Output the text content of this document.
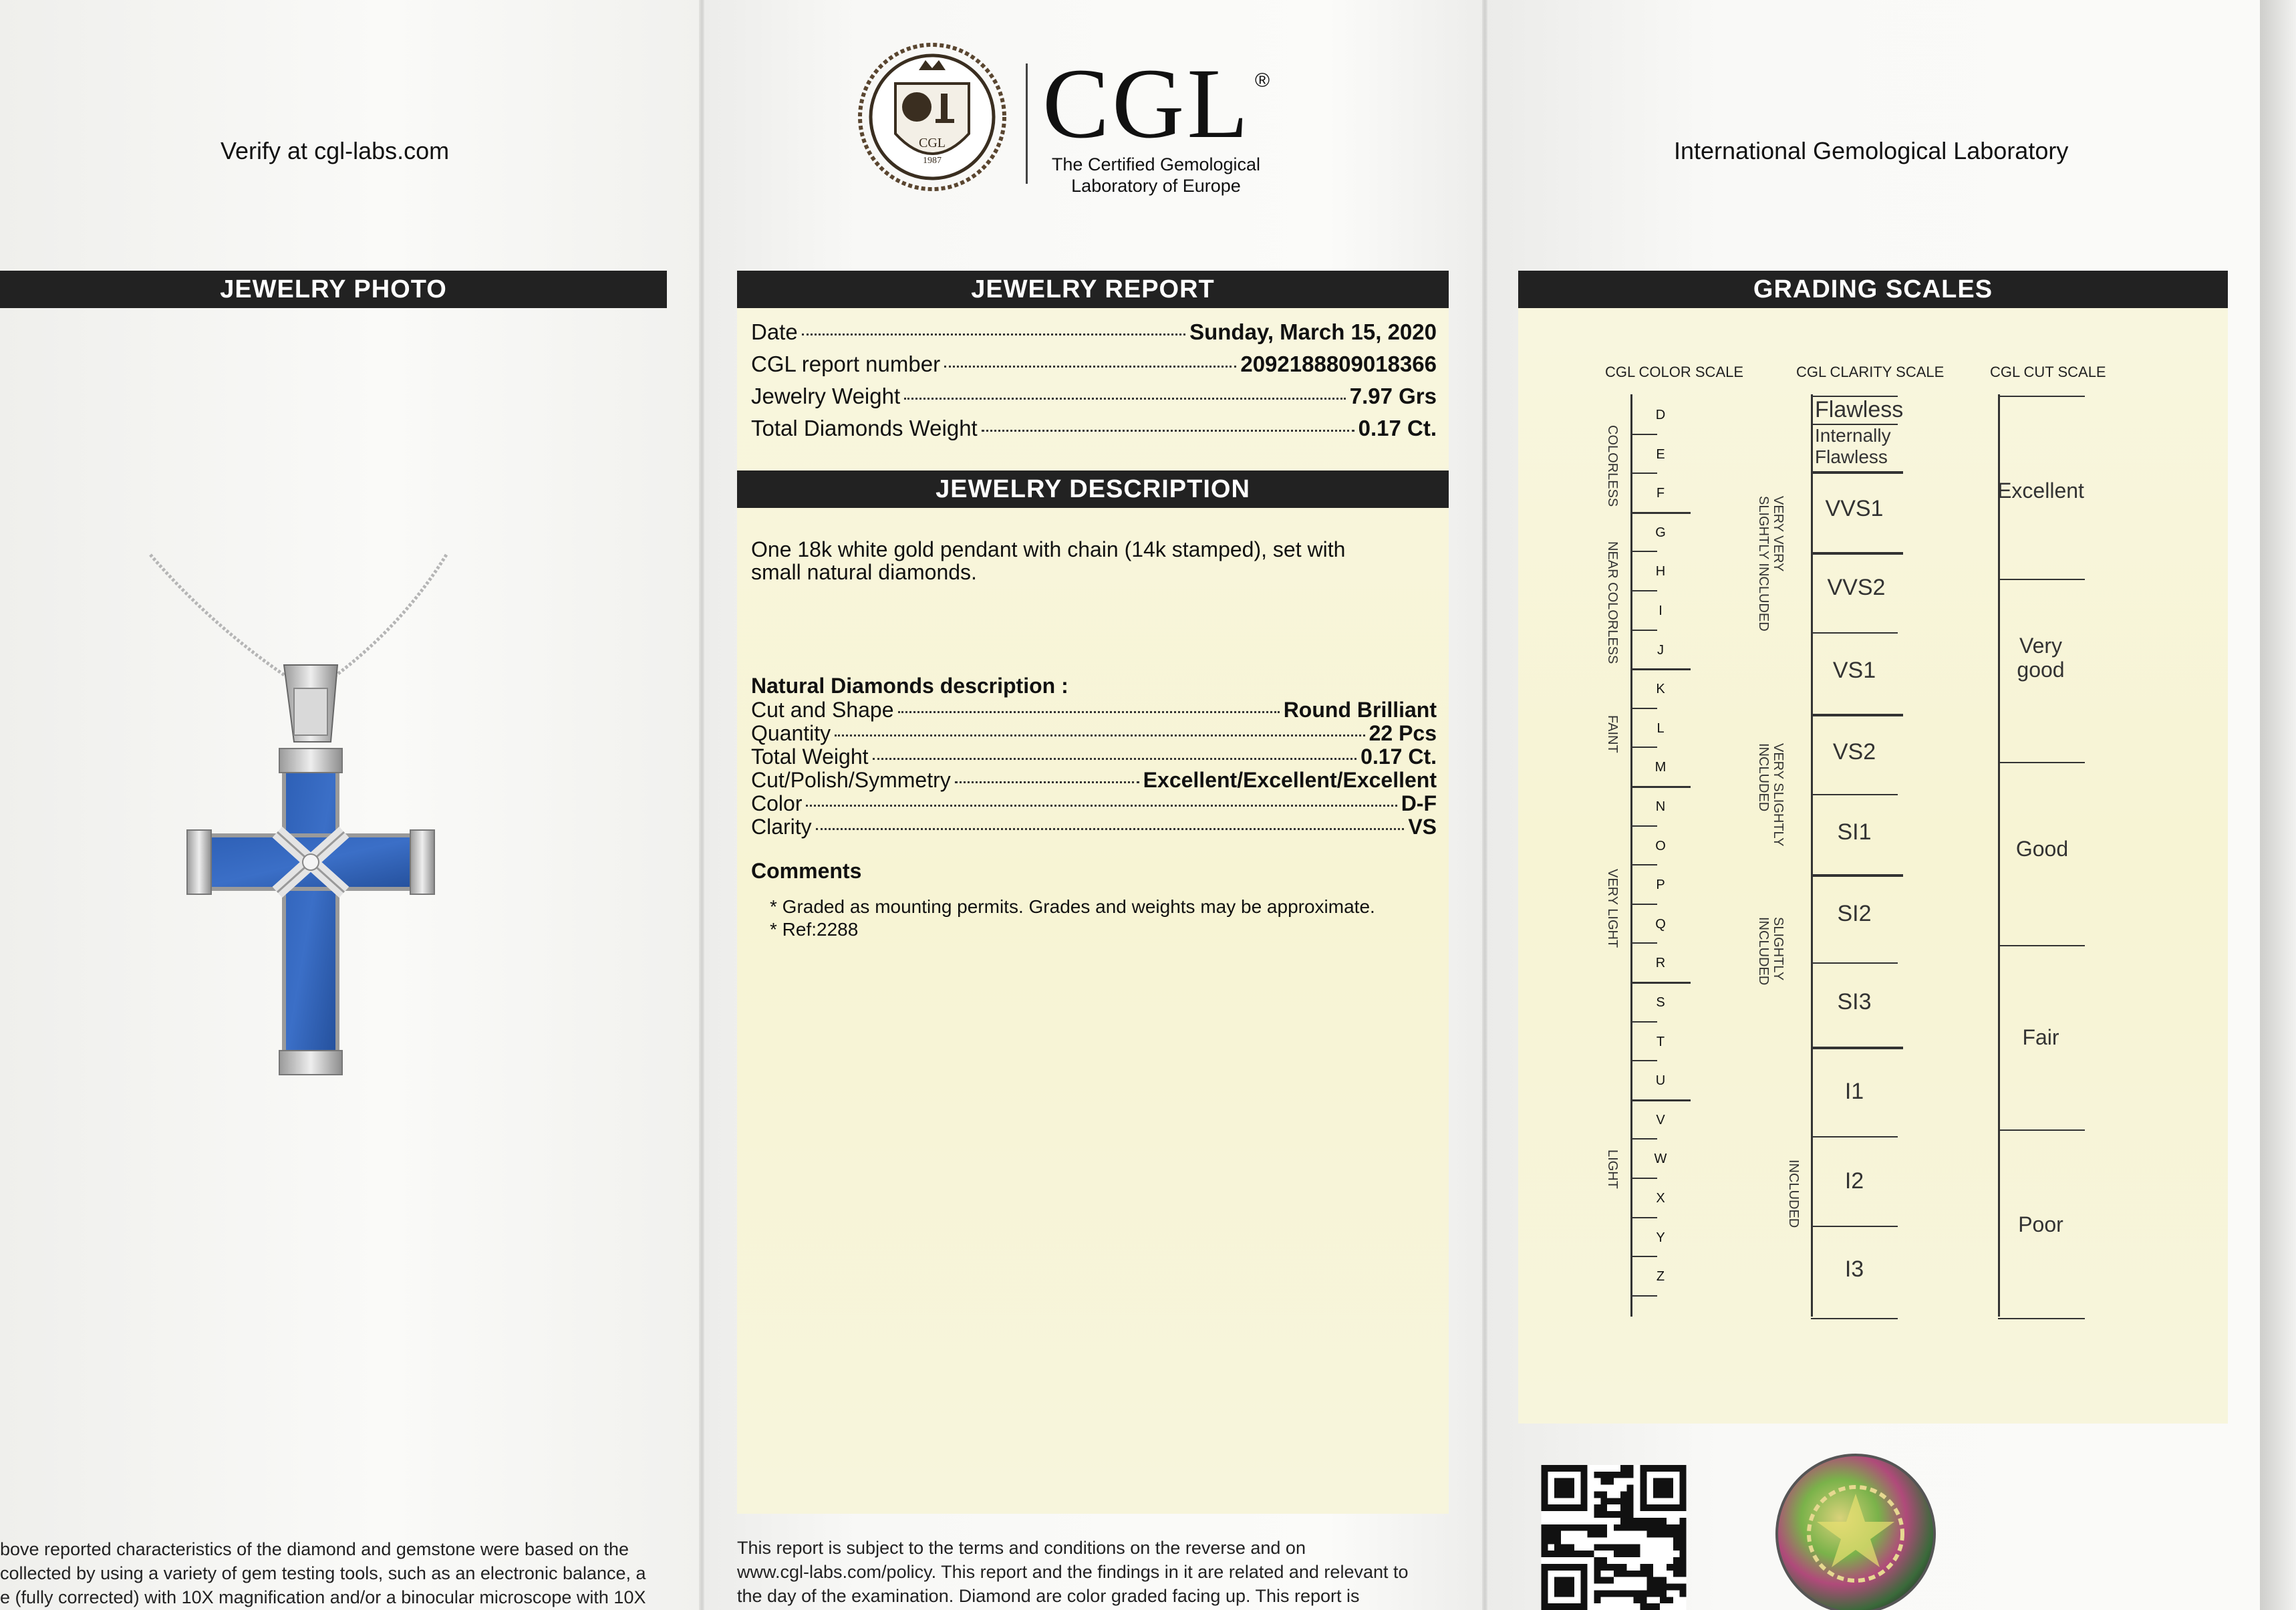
Verify at cgl-labs.com
JEWELRY PHOTO
bove reported characteristics of the diamond and gemstone were based on the
collected by using a variety of gem testing tools, such as an electronic balance, a
e (fully corrected) with 10X magnification and/or a binocular microscope with 10X
CGL
1987
CGL ®
The Certified Gemological
Laboratory of Europe
JEWELRY REPORT
Date	Sunday, March 15, 2020
CGL report number	2092188809018366
Jewelry Weight	7.97 Grs
Total Diamonds Weight	0.17 Ct.
JEWELRY DESCRIPTION
One 18k white gold pendant with chain (14k stamped), set with
small natural diamonds.
Natural Diamonds description :
Cut and Shape	Round Brilliant
Quantity	22 Pcs
Total Weight	0.17 Ct.
Cut/Polish/Symmetry	Excellent/Excellent/Excellent
Color	D-F
Clarity	VS
Comments
* Graded as mounting permits. Grades and weights may be approximate.
* Ref:2288
This report is subject to the terms and conditions on the reverse and on
www.cgl-labs.com/policy. This report and the findings in it are related and relevant to
the day of the examination. Diamond are color graded facing up. This report is
International Gemological Laboratory
GRADING SCALES
CGL COLOR SCALE	CGL CLARITY SCALE	CGL CUT SCALE
D
E
F
G
H
I
J
K
L
M
N
O
P
Q
R
S
T
U
V
W
X
Y
Z
COLORLESS
NEAR COLORLESS
FAINT
VERY LIGHT
LIGHT
VERY VERY
SLIGHTLY INCLUDED
VERY SLIGHTLY
INCLUDED
SLIGHTLY
INCLUDED
INCLUDED
Flawless
Internally
Flawless
VVS1
VVS2
VS1
VS2
SI1
SI2
SI3
I1
I2
I3
Excellent
Very
good
Good
Fair
Poor
